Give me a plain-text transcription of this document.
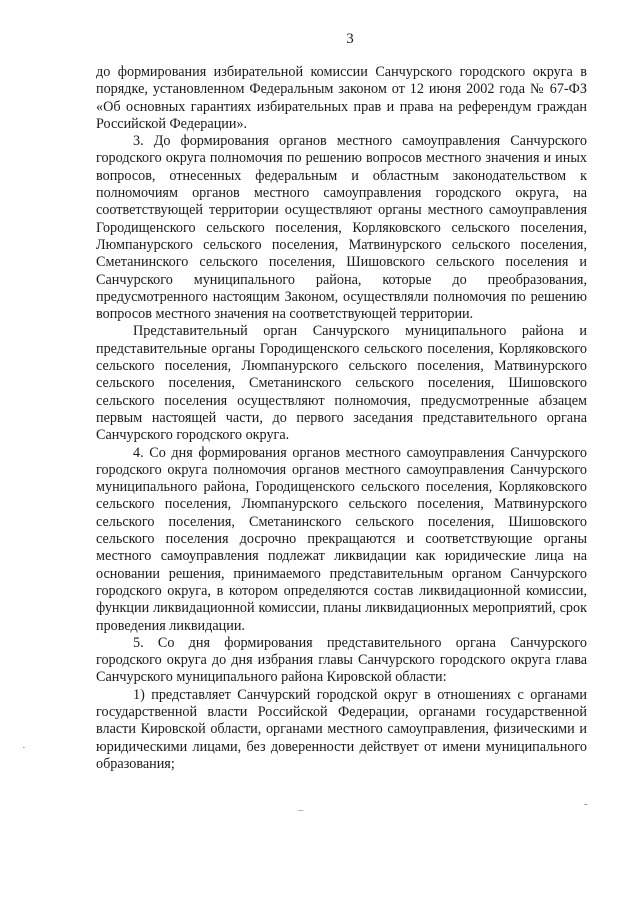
3

до формирования избирательной комиссии Санчурского городского округа в порядке, установленном Федеральным законом от 12 июня 2002 года № 67-ФЗ «Об основных гарантиях избирательных прав и права на референдум граждан Российской Федерации».

3. До формирования органов местного самоуправления Санчурского городского округа полномочия по решению вопросов местного значения и иных вопросов, отнесенных федеральным и областным законодательством к полномочиям органов местного самоуправления городского округа, на соответствующей территории осуществляют органы местного самоуправления Городищенского сельского поселения, Корляковского сельского поселения, Люмпанурского сельского поселения, Матвинурского сельского поселения, Сметанинского сельского поселения, Шишовского сельского поселения и Санчурского муниципального района, которые до преобразования, предусмотренного настоящим Законом, осуществляли полномочия по решению вопросов местного значения на соответствующей территории.

Представительный орган Санчурского муниципального района и представительные органы Городищенского сельского поселения, Корляковского сельского поселения, Люмпанурского сельского поселения, Матвинурского сельского поселения, Сметанинского сельского поселения, Шишовского сельского поселения осуществляют полномочия, предусмотренные абзацем первым настоящей части, до первого заседания представительного органа Санчурского городского округа.

4. Со дня формирования органов местного самоуправления Санчурского городского округа полномочия органов местного самоуправления Санчурского муниципального района, Городищенского сельского поселения, Корляковского сельского поселения, Люмпанурского сельского поселения, Матвинурского сельского поселения, Сметанинского сельского поселения, Шишовского сельского поселения досрочно прекращаются и соответствующие органы местного самоуправления подлежат ликвидации как юридические лица на основании решения, принимаемого представительным органом Санчурского городского округа, в котором определяются состав ликвидационной комиссии, функции ликвидационной комиссии, планы ликвидационных мероприятий, срок проведения ликвидации.

5. Со дня формирования представительного органа Санчурского городского округа до дня избрания главы Санчурского городского округа глава Санчурского муниципального района Кировской области:

1) представляет Санчурский городской округ в отношениях с органами государственной власти Российской Федерации, органами государственной власти Кировской области, органами местного самоуправления, физическими и юридическими лицами, без доверенности действует от имени муниципального образования;

·
–	-
